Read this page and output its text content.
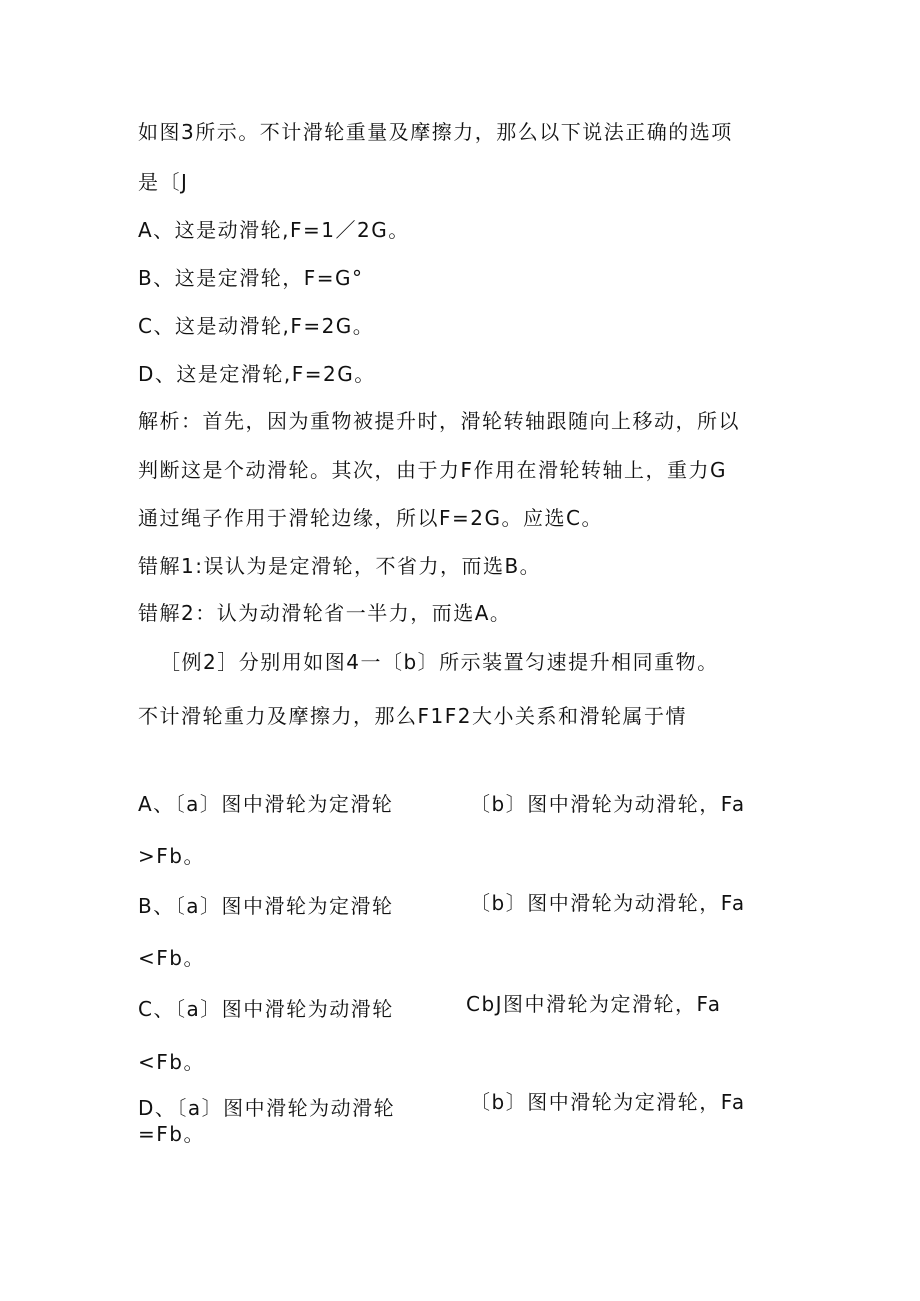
如图3所示。不计滑轮重量及摩擦力，那么以下说法正确的选项
是〔J
A、这是动滑轮,F=1／2G。
B、这是定滑轮，F=G°
C、这是动滑轮,F=2G。
D、这是定滑轮,F=2G。
解析：首先，因为重物被提升时，滑轮转轴跟随向上移动，所以
判断这是个动滑轮。其次，由于力F作用在滑轮转轴上，重力G
通过绳子作用于滑轮边缘，所以F=2G。应选C。
错解1:误认为是定滑轮，不省力，而选B。
错解2：认为动滑轮省一半力，而选A。
［例2］分别用如图4一〔b〕所示装置匀速提升相同重物。
不计滑轮重力及摩擦力，那么F1F2大小关系和滑轮属于情
A、〔a〕图中滑轮为定滑轮	〔b〕图中滑轮为动滑轮，Fa
>Fb。
B、〔a〕图中滑轮为定滑轮	〔b〕图中滑轮为动滑轮，Fa
<Fb。
C、〔a〕图中滑轮为动滑轮	CbJ图中滑轮为定滑轮，Fa
<Fb。
D、〔a〕图中滑轮为动滑轮	〔b〕图中滑轮为定滑轮，Fa
=Fb。
